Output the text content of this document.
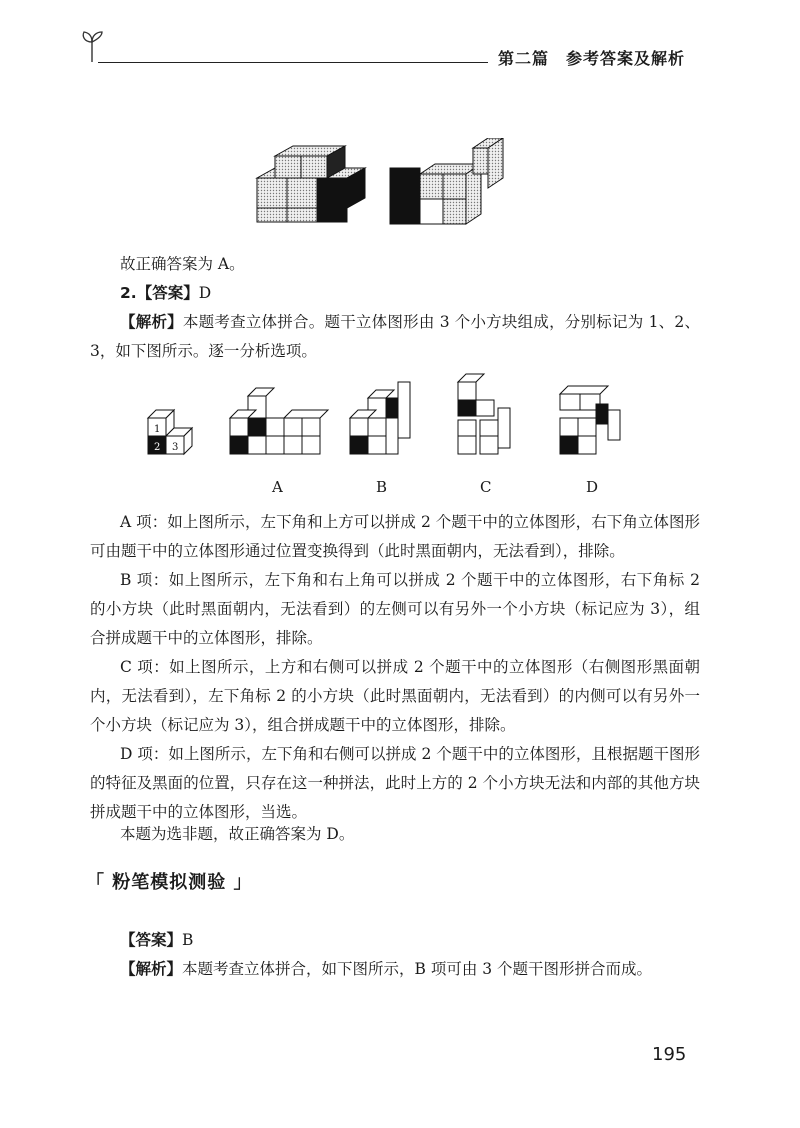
第二篇　参考答案及解析

故正确答案为 A。

2.【答案】D

【解析】本题考查立体拼合。题干立体图形由 3 个小方块组成，分别标记为 1、2、3，如下图所示。逐一分析选项。

1
2 3
A	B	C	D

A 项：如上图所示，左下角和上方可以拼成 2 个题干中的立体图形，右下角立体图形可由题干中的立体图形通过位置变换得到（此时黑面朝内，无法看到），排除。

B 项：如上图所示，左下角和右上角可以拼成 2 个题干中的立体图形，右下角标 2 的小方块（此时黑面朝内，无法看到）的左侧可以有另外一个小方块（标记应为 3），组合拼成题干中的立体图形，排除。

C 项：如上图所示，上方和右侧可以拼成 2 个题干中的立体图形（右侧图形黑面朝内，无法看到），左下角标 2 的小方块（此时黑面朝内，无法看到）的内侧可以有另外一个小方块（标记应为 3），组合拼成题干中的立体图形，排除。

D 项：如上图所示，左下角和右侧可以拼成 2 个题干中的立体图形，且根据题干图形的特征及黑面的位置，只存在这一种拼法，此时上方的 2 个小方块无法和内部的其他方块拼成题干中的立体图形，当选。

本题为选非题，故正确答案为 D。

「 粉笔模拟测验 」

【答案】B

【解析】本题考查立体拼合，如下图所示，B 项可由 3 个题干图形拼合而成。

195
